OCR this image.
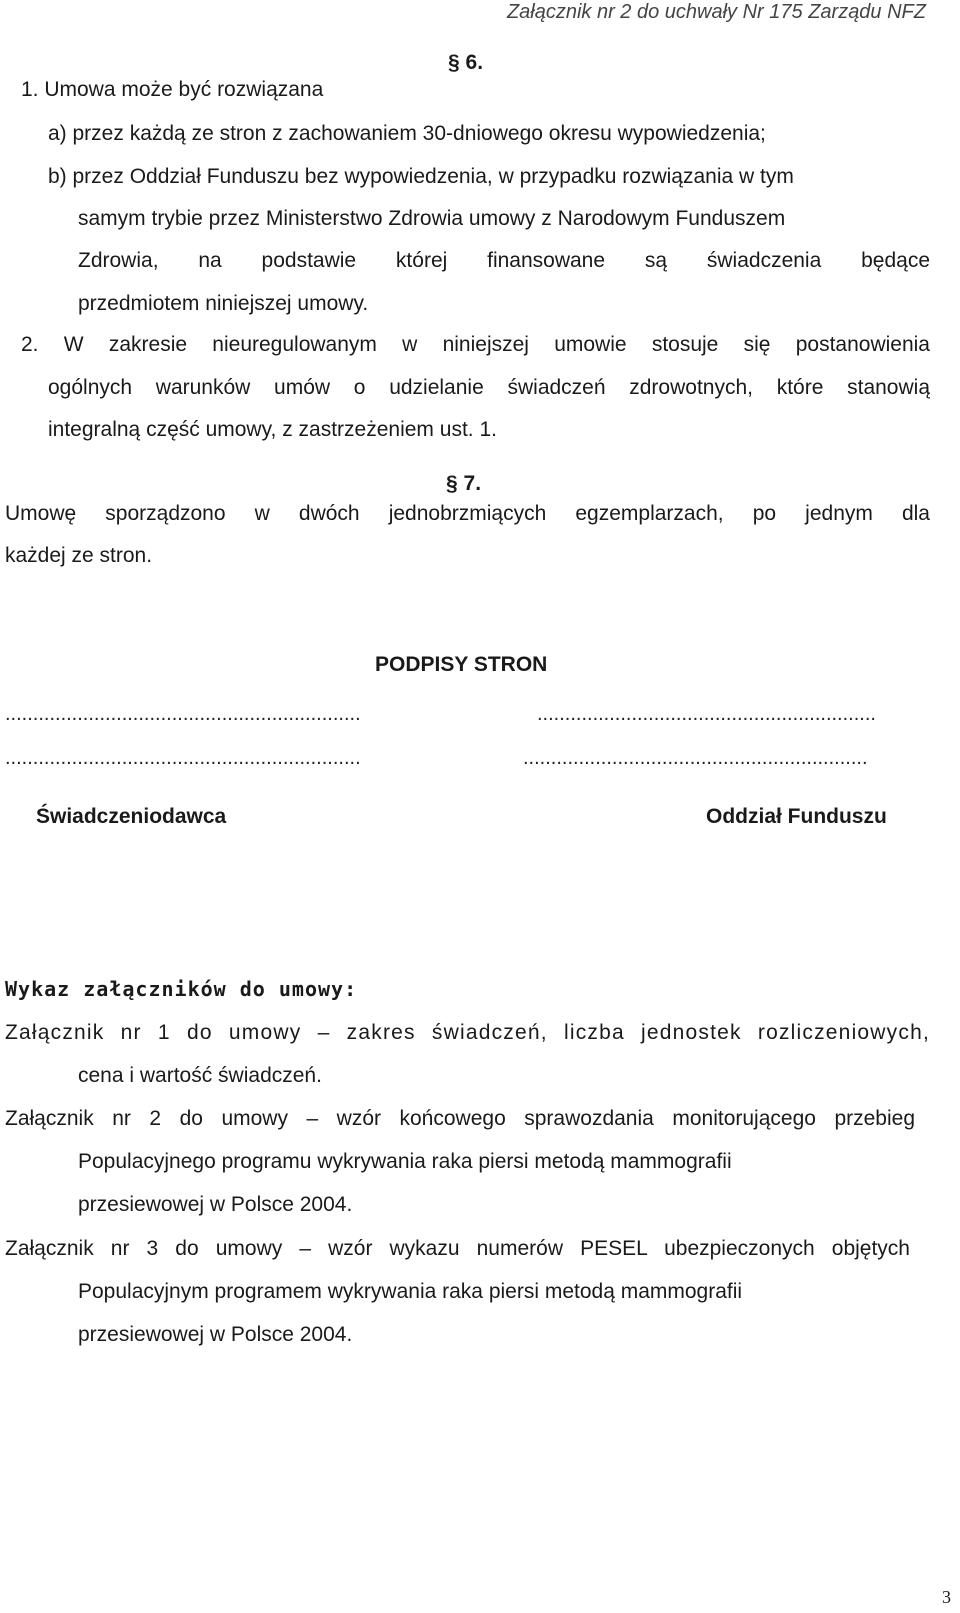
Załącznik nr 2 do uchwały Nr 175 Zarządu NFZ
§ 6.
1. Umowa może być rozwiązana
a) przez każdą ze stron z zachowaniem 30-dniowego okresu wypowiedzenia;
b) przez Oddział Funduszu bez wypowiedzenia, w przypadku rozwiązania w tym
samym trybie przez Ministerstwo Zdrowia umowy z Narodowym Funduszem
Zdrowia, na podstawie której finansowane są świadczenia będące
przedmiotem niniejszej umowy.
2. W zakresie nieuregulowanym w niniejszej umowie stosuje się postanowienia
ogólnych warunków umów o udzielanie świadczeń zdrowotnych, które stanowią
integralną część umowy, z zastrzeżeniem ust. 1.
§ 7.
Umowę sporządzono w dwóch jednobrzmiących egzemplarzach, po jednym dla
każdej ze stron.
PODPISY STRON
................................................................	.............................................................
................................................................	..............................................................
Świadczeniodawca	Oddział Funduszu
Wykaz załączników do umowy:
Załącznik nr 1 do umowy – zakres świadczeń, liczba jednostek rozliczeniowych,
cena i wartość świadczeń.
Załącznik nr 2 do umowy – wzór końcowego sprawozdania monitorującego przebieg
Populacyjnego programu wykrywania raka piersi metodą mammografii
przesiewowej w Polsce 2004.
Załącznik nr 3 do umowy – wzór wykazu numerów PESEL ubezpieczonych objętych
Populacyjnym programem wykrywania raka piersi metodą mammografii
przesiewowej w Polsce 2004.
3
